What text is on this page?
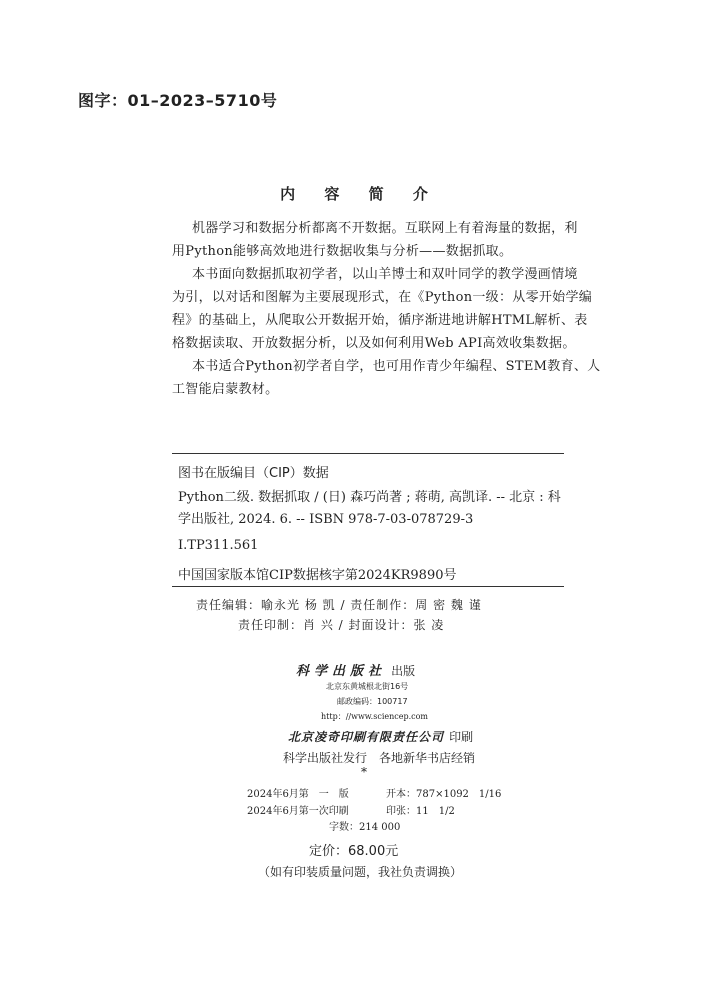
图字：01–2023–5710号
内 容 简 介

机器学习和数据分析都离不开数据。互联网上有着海量的数据，利

用Python能够高效地进行数据收集与分析——数据抓取。

本书面向数据抓取初学者，以山羊博士和双叶同学的教学漫画情境

为引，以对话和图解为主要展现形式，在《Python一级：从零开始学编

程》的基础上，从爬取公开数据开始，循序渐进地讲解HTML解析、表

格数据读取、开放数据分析，以及如何利用Web API高效收集数据。

本书适合Python初学者自学，也可用作青少年编程、STEM教育、人

工智能启蒙教材。

图书在版编目（CIP）数据
Python二级. 数据抓取 / (日) 森巧尚著 ; 蒋萌, 高凯译. -- 北京 : 科
学出版社, 2024. 6. -- ISBN 978-7-03-078729-3
Ⅰ.TP311.561
中国国家版本馆CIP数据核字第2024KR9890号
责任编辑：喻永光 杨 凯 / 责任制作：周 密 魏 谨
责任印制：肖 兴 / 封面设计：张 凌
科学出版社 出版
北京东黄城根北街16号
邮政编码：100717
http：//www.sciencep.com
北京凌奇印刷有限责任公司 印刷
科学出版社发行　各地新华书店经销
*
2024年6月第　一　版	开本：787×1092　1/16
2024年6月第一次印刷	印张：11　1/2
字数：214 000
定价：68.00元
（如有印装质量问题，我社负责调换）
